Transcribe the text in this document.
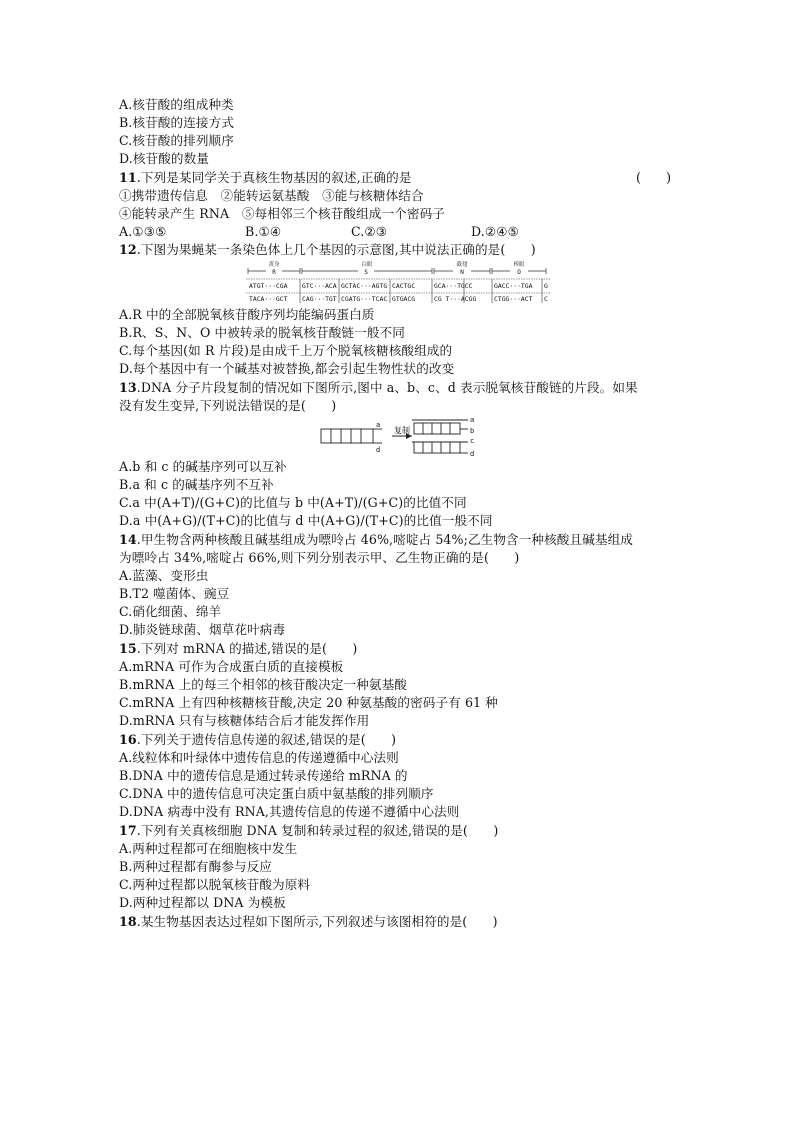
A.核苷酸的组成种类
B.核苷酸的连接方式
C.核苷酸的排列顺序
D.核苷酸的数量
11.下列是某同学关于真核生物基因的叙述,正确的是	(　　)
①携带遗传信息　②能转运氨基酸　③能与核糖体结合
④能转录产生 RNA　⑤每相邻三个核苷酸组成一个密码子
A.①③⑤	B.①④	C.②③	D.②④⑤
12.下图为果蝇某一条染色体上几个基因的示意图,其中说法正确的是(　　)
黄身	白眼	截翅	棒眼
R	S	N	O
ATGT···CGA GTC···ACA GCTAC···AGTG CACTGC	GCA···TGCC	GACC···TGA G
TACA···GCT CAG···TGT CGATG···TCAC GTGACG	CG T···ACGG	CTGG···ACT C
A.R 中的全部脱氧核苷酸序列均能编码蛋白质
B.R、S、N、O 中被转录的脱氧核苷酸链一般不同
C.每个基因(如 R 片段)是由成千上万个脱氧核糖核酸组成的
D.每个基因中有一个碱基对被替换,都会引起生物性状的改变
13.DNA 分子片段复制的情况如下图所示,图中 a、b、c、d 表示脱氧核苷酸链的片段。如果
没有发生变异,下列说法错误的是(　　)
复制
a
d
a
b
c
d
A.b 和 c 的碱基序列可以互补
B.a 和 c 的碱基序列不互补
C.a 中(A+T)/(G+C)的比值与 b 中(A+T)/(G+C)的比值不同
D.a 中(A+G)/(T+C)的比值与 d 中(A+G)/(T+C)的比值一般不同
14.甲生物含两种核酸且碱基组成为嘌呤占 46%,嘧啶占 54%;乙生物含一种核酸且碱基组成
为嘌呤占 34%,嘧啶占 66%,则下列分别表示甲、乙生物正确的是(　　)
A.蓝藻、变形虫
B.T2 噬菌体、豌豆
C.硝化细菌、绵羊
D.肺炎链球菌、烟草花叶病毒
15.下列对 mRNA 的描述,错误的是(　　)
A.mRNA 可作为合成蛋白质的直接模板
B.mRNA 上的每三个相邻的核苷酸决定一种氨基酸
C.mRNA 上有四种核糖核苷酸,决定 20 种氨基酸的密码子有 61 种
D.mRNA 只有与核糖体结合后才能发挥作用
16.下列关于遗传信息传递的叙述,错误的是(　　)
A.线粒体和叶绿体中遗传信息的传递遵循中心法则
B.DNA 中的遗传信息是通过转录传递给 mRNA 的
C.DNA 中的遗传信息可决定蛋白质中氨基酸的排列顺序
D.DNA 病毒中没有 RNA,其遗传信息的传递不遵循中心法则
17.下列有关真核细胞 DNA 复制和转录过程的叙述,错误的是(　　)
A.两种过程都可在细胞核中发生
B.两种过程都有酶参与反应
C.两种过程都以脱氧核苷酸为原料
D.两种过程都以 DNA 为模板
18.某生物基因表达过程如下图所示,下列叙述与该图相符的是(　　)
